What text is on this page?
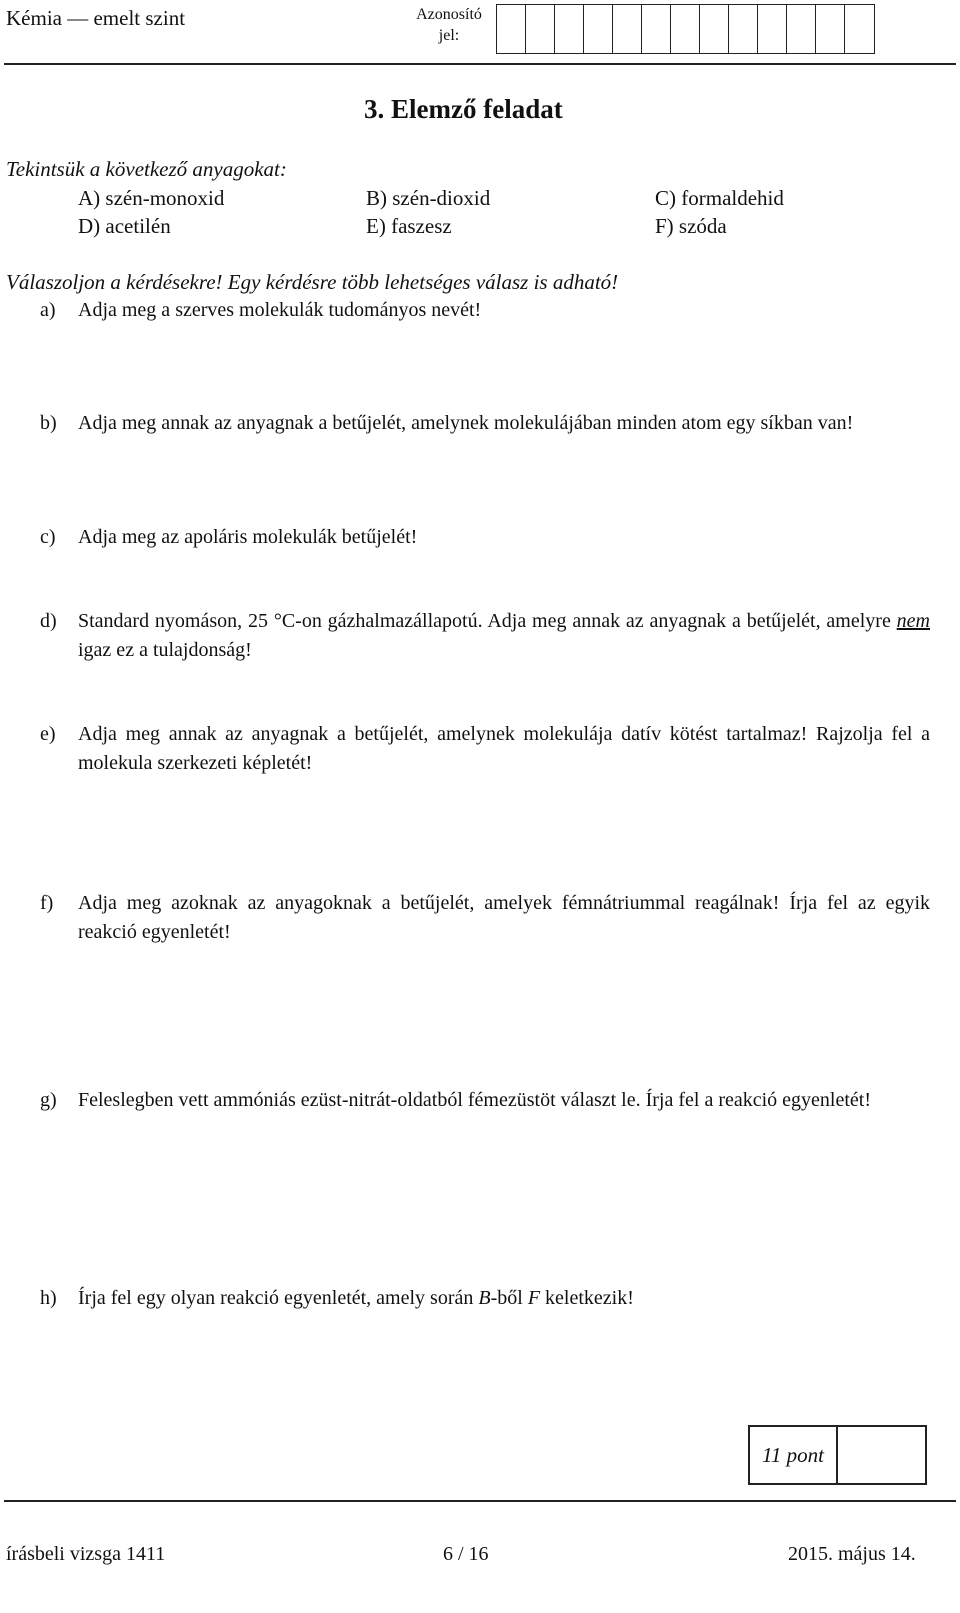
Kémia — emelt szint	Azonosító jel:
3. Elemző feladat
Tekintsük a következő anyagokat:
A) szén-monoxid	B) szén-dioxid	C) formaldehid
D) acetilén	E) faszesz	F) szóda
Válaszoljon a kérdésekre! Egy kérdésre több lehetséges válasz is adható!
a) Adja meg a szerves molekulák tudományos nevét!
b) Adja meg annak az anyagnak a betűjelét, amelynek molekulájában minden atom egy síkban van!
c) Adja meg az apoláris molekulák betűjelét!
d) Standard nyomáson, 25 °C-on gázhalmazállapotú. Adja meg annak az anyagnak a betűjelét, amelyre nem igaz ez a tulajdonság!
e) Adja meg annak az anyagnak a betűjelét, amelynek molekulája datív kötést tartalmaz! Rajzolja fel a molekula szerkezeti képletét!
f) Adja meg azoknak az anyagoknak a betűjelét, amelyek fémnátriummal reagálnak! Írja fel az egyik reakció egyenletét!
g) Feleslegben vett ammóniás ezüst-nitrát-oldatból fémezüstöt választ le. Írja fel a reakció egyenletét!
h) Írja fel egy olyan reakció egyenletét, amely során B-ből F keletkezik!
11 pont
írásbeli vizsga 1411	6 / 16	2015. május 14.
